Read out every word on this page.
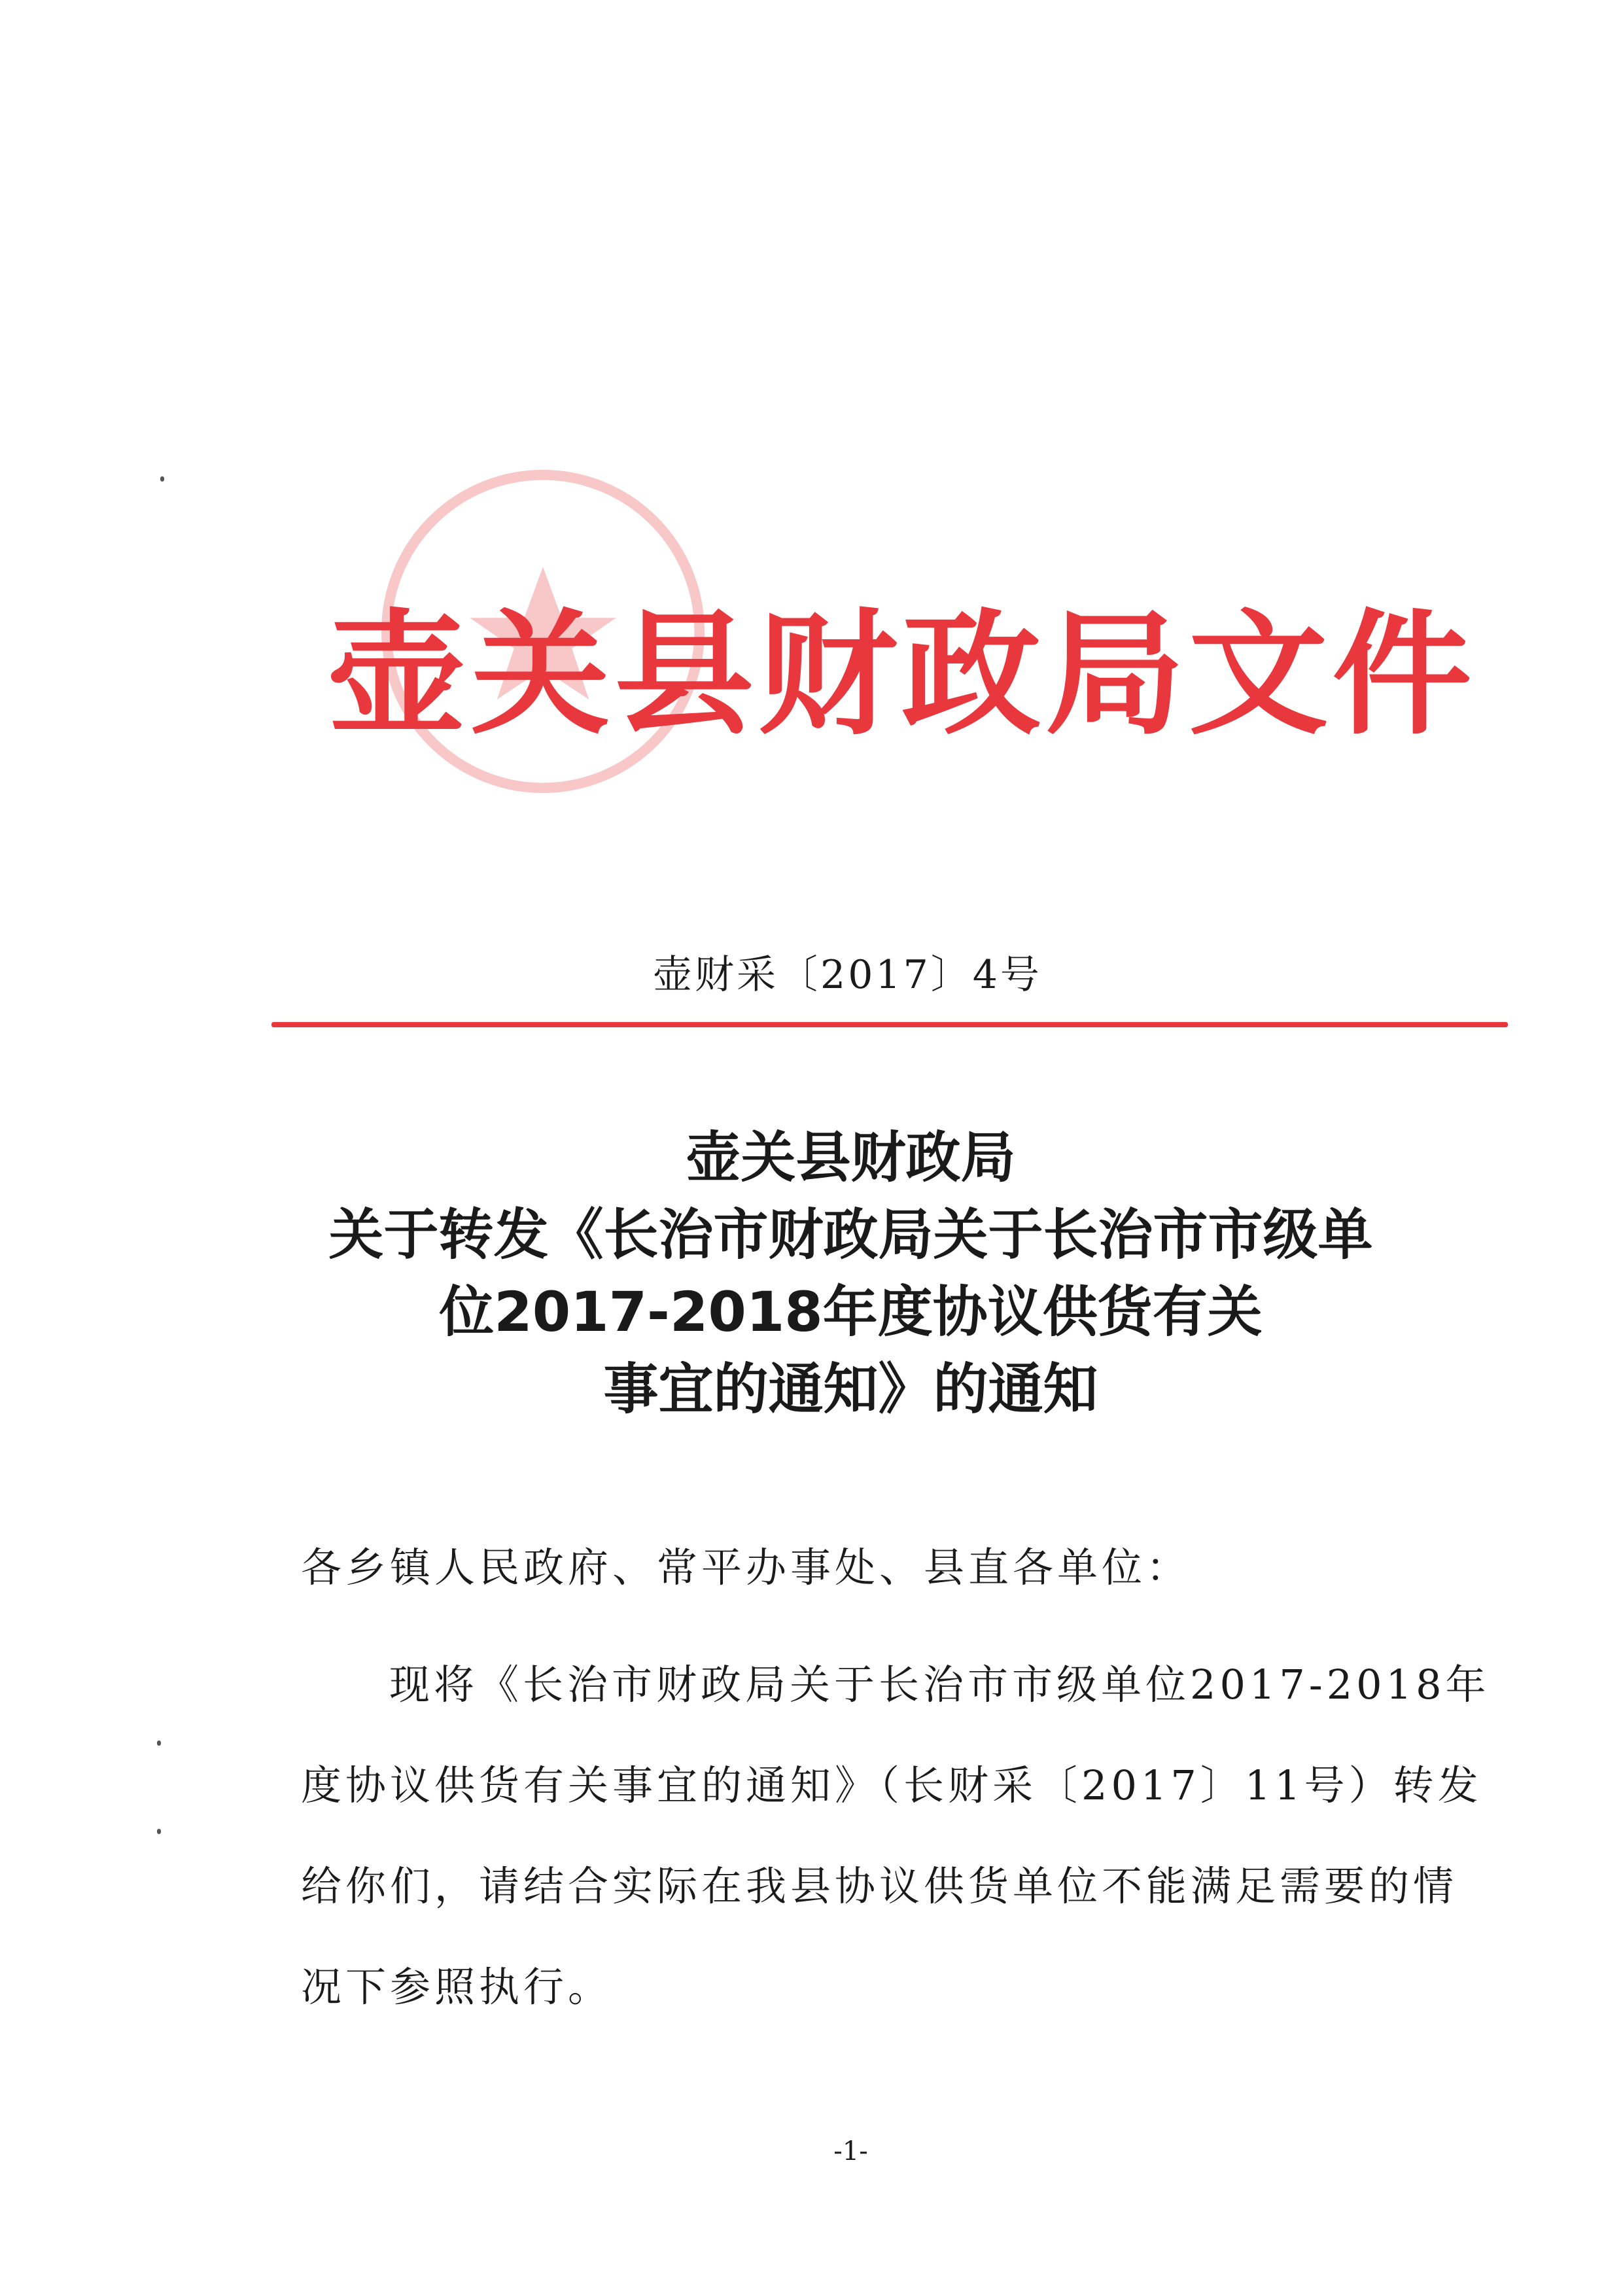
壶关县财政局文件
壶财采〔2017〕4号
壶关县财政局
关于转发《长治市财政局关于长治市市级单
位2017-2018年度协议供货有关
事宜的通知》的通知
各乡镇人民政府、常平办事处、县直各单位：
现将《长治市财政局关于长治市市级单位2017-2018年
度协议供货有关事宜的通知》（长财采〔2017〕11号）转发
给你们，请结合实际在我县协议供货单位不能满足需要的情
况下参照执行。
-1-
